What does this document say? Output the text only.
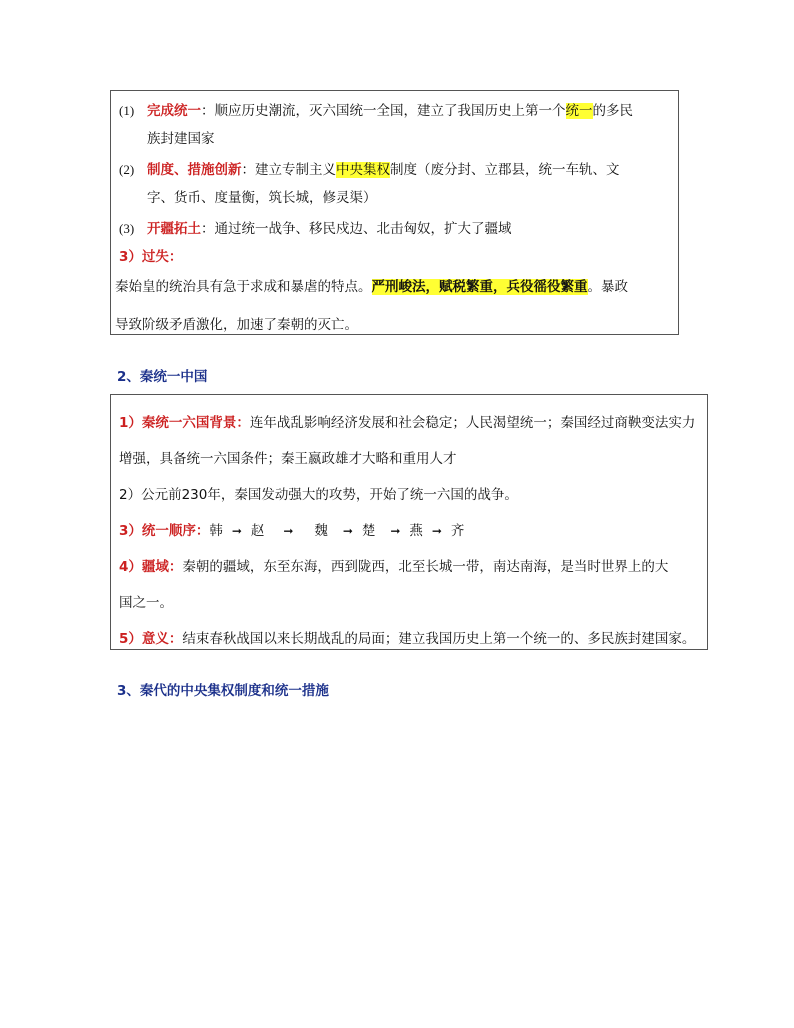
(1) 完成统一：顺应历史潮流，灭六国统一全国，建立了我国历史上第一个统一的多民
族封建国家
(2) 制度、措施创新：建立专制主义中央集权制度（废分封、立郡县，统一车轨、文
字、货币、度量衡，筑长城，修灵渠）
(3) 开疆拓土：通过统一战争、移民戍边、北击匈奴，扩大了疆域
3）过失：
秦始皇的统治具有急于求成和暴虐的特点。严刑峻法，赋税繁重，兵役徭役繁重。暴政
导致阶级矛盾激化，加速了秦朝的灭亡。
2、秦统一中国
1）秦统一六国背景：连年战乱影响经济发展和社会稳定；人民渴望统一；秦国经过商鞅变法实力
增强，具备统一六国条件；秦王嬴政雄才大略和重用人才
2）公元前230年，秦国发动强大的攻势，开始了统一六国的战争。
3）统一顺序：韩 ➞ 赵 ➞ 魏 ➞ 楚 ➞ 燕 ➞ 齐
4）疆域：秦朝的疆域，东至东海，西到陇西，北至长城一带，南达南海，是当时世界上的大
国之一。
5）意义：结束春秋战国以来长期战乱的局面；建立我国历史上第一个统一的、多民族封建国家。
3、秦代的中央集权制度和统一措施
